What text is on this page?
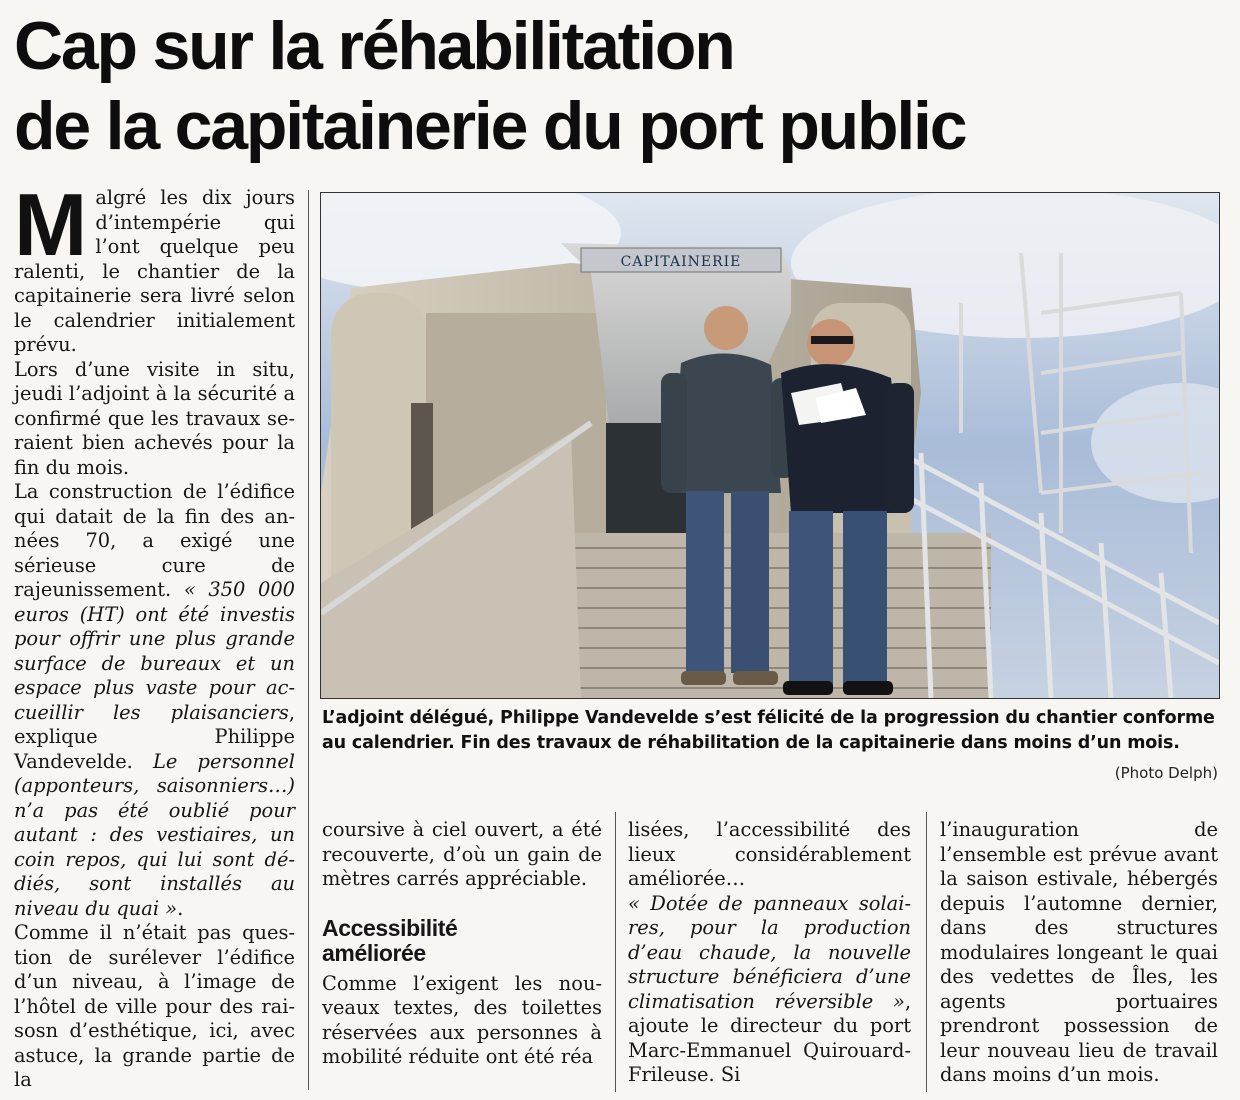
Cap sur la réhabilitation
de la capitainerie du port public

Malgré les dix jours d’intempérie qui l’ont quelque peu ralenti, le chantier de la capitainerie sera livré selon le calendrier initialement prévu.

Lors d’une visite in situ, jeudi l’adjoint à la sécurité a confirmé que les travaux seraient bien achevés pour la fin du mois.

La construction de l’édifice qui datait de la fin des années 70, a exigé une sérieuse cure de rajeunissement. « 350 000 euros (HT) ont été investis pour offrir une plus grande surface de bureaux et un espace plus vaste pour accueillir les plaisanciers, explique Philippe Vandevelde. Le personnel (apponteurs, saisonniers…) n’a pas été oublié pour autant : des vestiaires, un coin repos, qui lui sont dédiés, sont installés au niveau du quai ».

Comme il n’était pas question de surélever l’édifice d’un niveau, à l’image de l’hôtel de ville pour des raisosn d’esthétique, ici, avec astuce, la grande partie de la

CAPITAINERIE

L’adjoint délégué, Philippe Vandevelde s’est félicité de la progression du chantier conforme au calendrier. Fin des travaux de réhabilitation de la capitainerie dans moins d’un mois.

(Photo Delph)

coursive à ciel ouvert, a été recouverte, d’où un gain de mètres carrés appréciable.

Accessibilité
améliorée

Comme l’exigent les nouveaux textes, des toilettes réservées aux personnes à mobilité réduite ont été réa

lisées, l’accessibilité des lieux considérablement améliorée…

« Dotée de panneaux solaires, pour la production d’eau chaude, la nouvelle structure bénéficiera d’une climatisation réversible », ajoute le directeur du port Marc-Emmanuel Quirouard-Frileuse. Si

l’inauguration de l’ensemble est prévue avant la saison estivale, hébergés depuis l’automne dernier, dans des structures modulaires longeant le quai des vedettes de Îles, les agents portuaires prendront possession de leur nouveau lieu de travail dans moins d’un mois.
